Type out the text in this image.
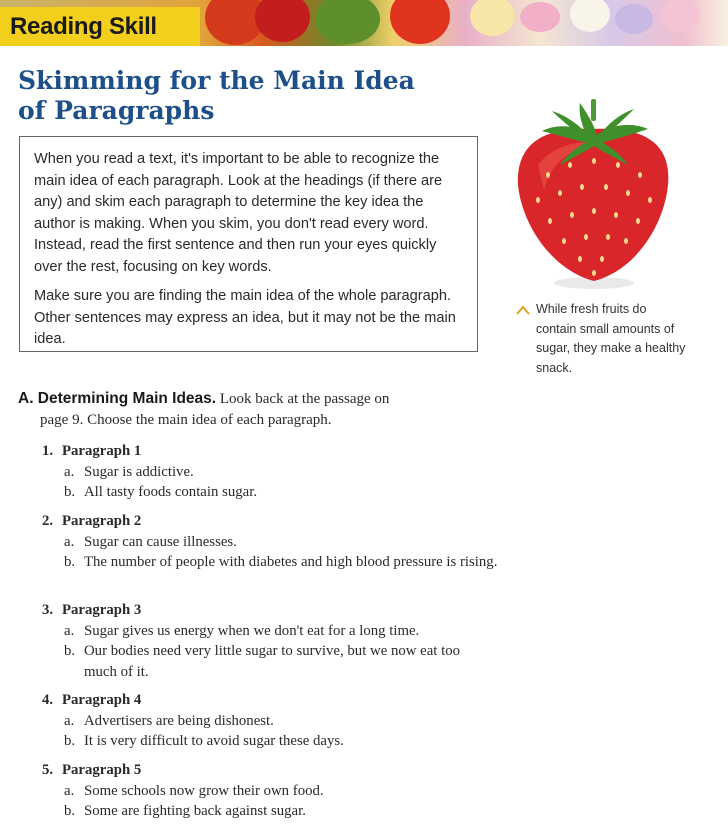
Reading Skill
Skimming for the Main Idea
of Paragraphs

When you read a text, it's important to be able to recognize the main idea of each paragraph. Look at the headings (if there are any) and skim each paragraph to determine the key idea the author is making. When you skim, you don't read every word. Instead, read the first sentence and then run your eyes quickly over the rest, focusing on key words.

Make sure you are finding the main idea of the whole paragraph. Other sentences may express an idea, but it may not be the main idea.

While fresh fruits do contain small amounts of sugar, they make a healthy snack.

A. Determining Main Ideas. Look back at the passage on
page 9. Choose the main idea of each paragraph.

1. Paragraph 1
a. Sugar is addictive.
b. All tasty foods contain sugar.
2. Paragraph 2
a. Sugar can cause illnesses.
b. The number of people with diabetes and high blood pressure is rising.
3. Paragraph 3
a. Sugar gives us energy when we don't eat for a long time.
b. Our bodies need very little sugar to survive, but we now eat too much of it.
4. Paragraph 4
a. Advertisers are being dishonest.
b. It is very difficult to avoid sugar these days.
5. Paragraph 5
a. Some schools now grow their own food.
b. Some are fighting back against sugar.
